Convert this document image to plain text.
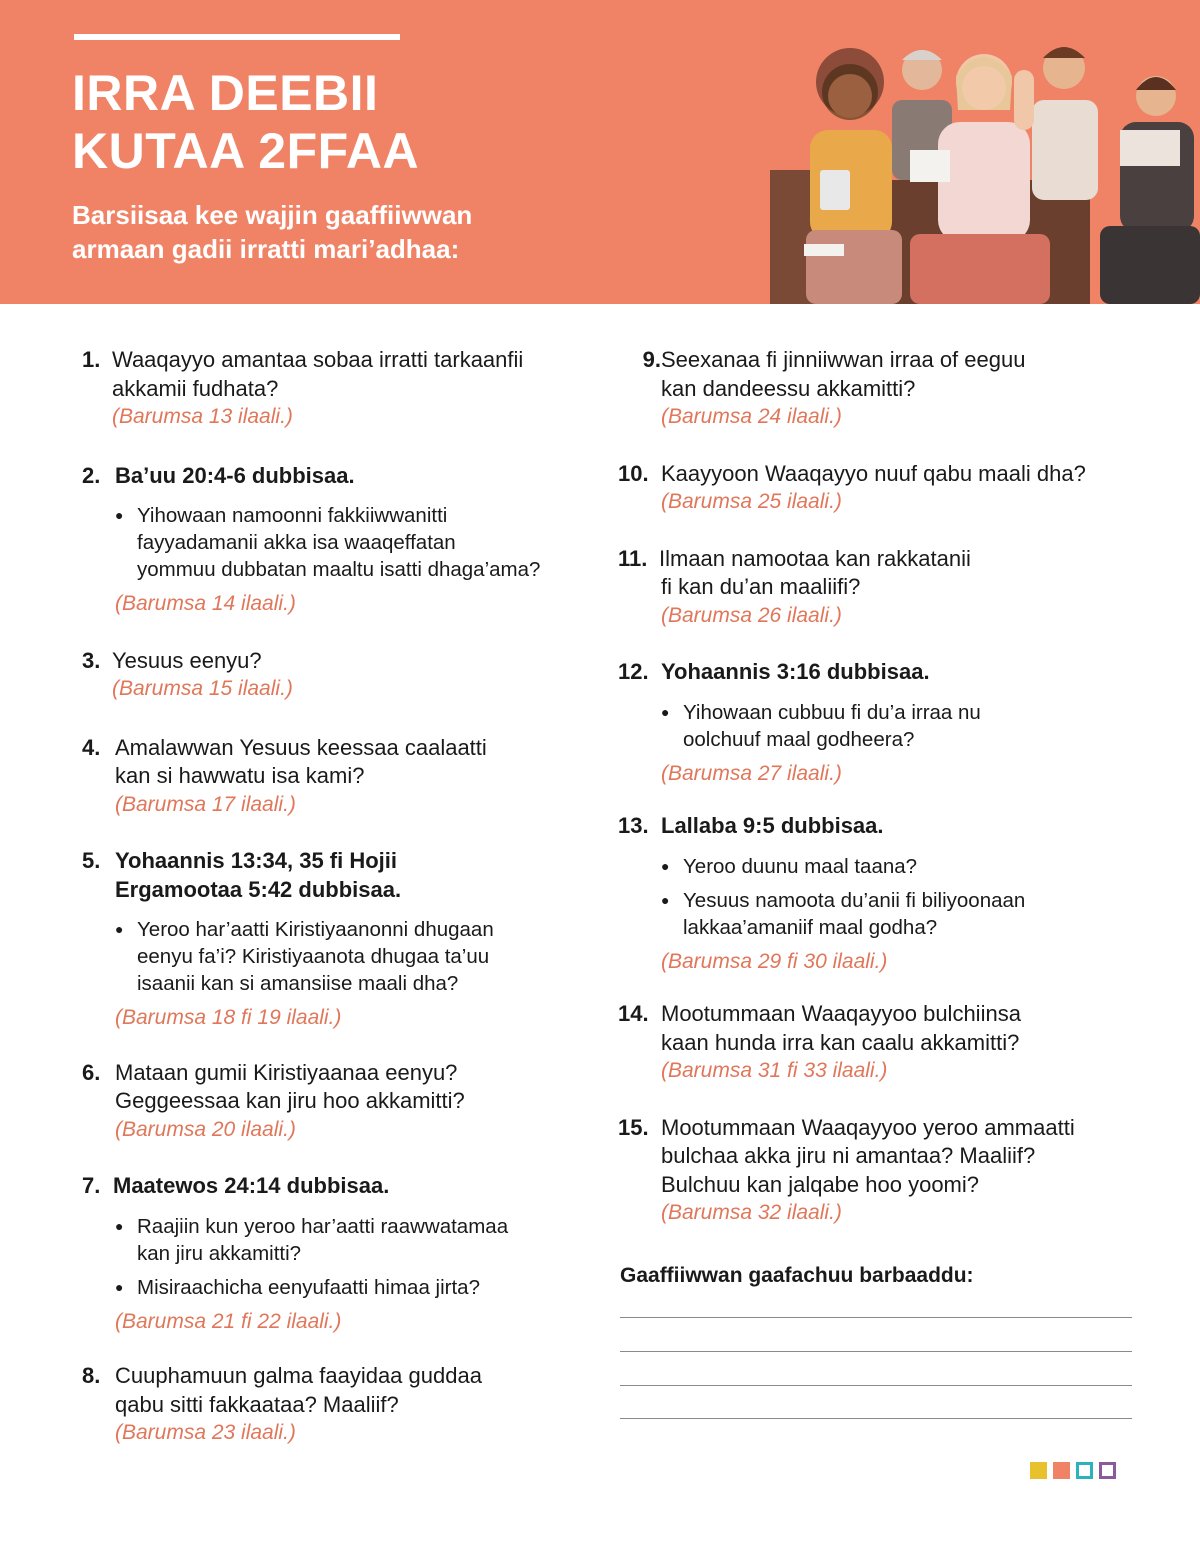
IRRA DEEBII
KUTAA 2FFAA

Barsiisaa kee wajjin gaaffiiwwan
armaan gadii irratti mari’adhaa:

1. Waaqayyo amantaa sobaa irratti tarkaanfii
akkamii fudhata?
(Barumsa 13 ilaali.)
2. Ba’uu 20:4-6 dubbisaa.
● Yihowaan namoonni fakkiiwwanitti
fayyadamanii akka isa waaqeffatan
yommuu dubbatan maaltu isatti dhaga’ama?
(Barumsa 14 ilaali.)
3. Yesuus eenyu?
(Barumsa 15 ilaali.)
4. Amalawwan Yesuus keessaa caalaatti
kan si hawwatu isa kami?
(Barumsa 17 ilaali.)
5. Yohaannis 13:34, 35 fi Hojii
Ergamootaa 5:42 dubbisaa.
● Yeroo har’aatti Kiristiyaanonni dhugaan
eenyu fa’i? Kiristiyaanota dhugaa ta’uu
isaanii kan si amansiise maali dha?
(Barumsa 18 fi 19 ilaali.)
6. Mataan gumii Kiristiyaanaa eenyu?
Geggeessaa kan jiru hoo akkamitti?
(Barumsa 20 ilaali.)
7. Maatewos 24:14 dubbisaa.
● Raajiin kun yeroo har’aatti raawwatamaa
kan jiru akkamitti?
● Misiraachicha eenyufaatti himaa jirta?
(Barumsa 21 fi 22 ilaali.)
8. Cuuphamuun galma faayidaa guddaa
qabu sitti fakkaataa? Maaliif?
(Barumsa 23 ilaali.)
9. Seexanaa fi jinniiwwan irraa of eeguu
kan dandeessu akkamitti?
(Barumsa 24 ilaali.)
10. Kaayyoon Waaqayyo nuuf qabu maali dha?
(Barumsa 25 ilaali.)
11. Ilmaan namootaa kan rakkatanii
fi kan du’an maaliifi?
(Barumsa 26 ilaali.)
12. Yohaannis 3:16 dubbisaa.
● Yihowaan cubbuu fi du’a irraa nu
oolchuuf maal godheera?
(Barumsa 27 ilaali.)
13. Lallaba 9:5 dubbisaa.
● Yeroo duunu maal taana?
● Yesuus namoota du’anii fi biliyoonaan
lakkaa’amaniif maal godha?
(Barumsa 29 fi 30 ilaali.)
14. Mootummaan Waaqayyoo bulchiinsa
kaan hunda irra kan caalu akkamitti?
(Barumsa 31 fi 33 ilaali.)
15. Mootummaan Waaqayyoo yeroo ammaatti
bulchaa akka jiru ni amantaa? Maaliif?
Bulchuu kan jalqabe hoo yoomi?
(Barumsa 32 ilaali.)

Gaaffiiwwan gaafachuu barbaaddu:
